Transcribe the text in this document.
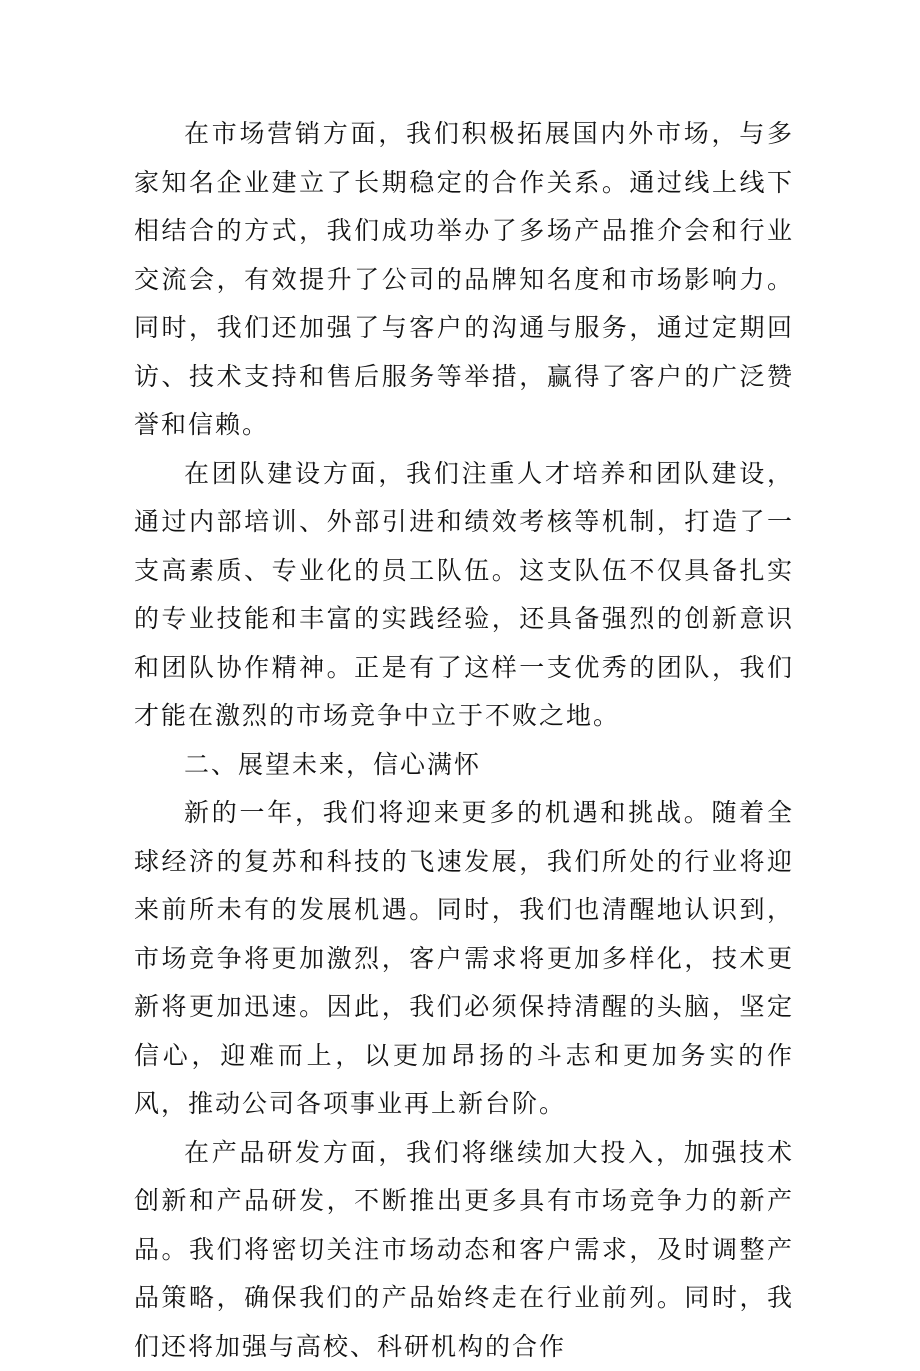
在市场营销方面，我们积极拓展国内外市场，与多家知名企业建立了长期稳定的合作关系。通过线上线下相结合的方式，我们成功举办了多场产品推介会和行业交流会，有效提升了公司的品牌知名度和市场影响力。同时，我们还加强了与客户的沟通与服务，通过定期回访、技术支持和售后服务等举措，赢得了客户的广泛赞誉和信赖。

在团队建设方面，我们注重人才培养和团队建设，通过内部培训、外部引进和绩效考核等机制，打造了一支高素质、专业化的员工队伍。这支队伍不仅具备扎实的专业技能和丰富的实践经验，还具备强烈的创新意识和团队协作精神。正是有了这样一支优秀的团队，我们才能在激烈的市场竞争中立于不败之地。

二、展望未来，信心满怀

新的一年，我们将迎来更多的机遇和挑战。随着全球经济的复苏和科技的飞速发展，我们所处的行业将迎来前所未有的发展机遇。同时，我们也清醒地认识到，市场竞争将更加激烈，客户需求将更加多样化，技术更新将更加迅速。因此，我们必须保持清醒的头脑，坚定信心，迎难而上，以更加昂扬的斗志和更加务实的作风，推动公司各项事业再上新台阶。

在产品研发方面，我们将继续加大投入，加强技术创新和产品研发，不断推出更多具有市场竞争力的新产品。我们将密切关注市场动态和客户需求，及时调整产品策略，确保我们的产品始终走在行业前列。同时，我们还将加强与高校、科研机构的合作
